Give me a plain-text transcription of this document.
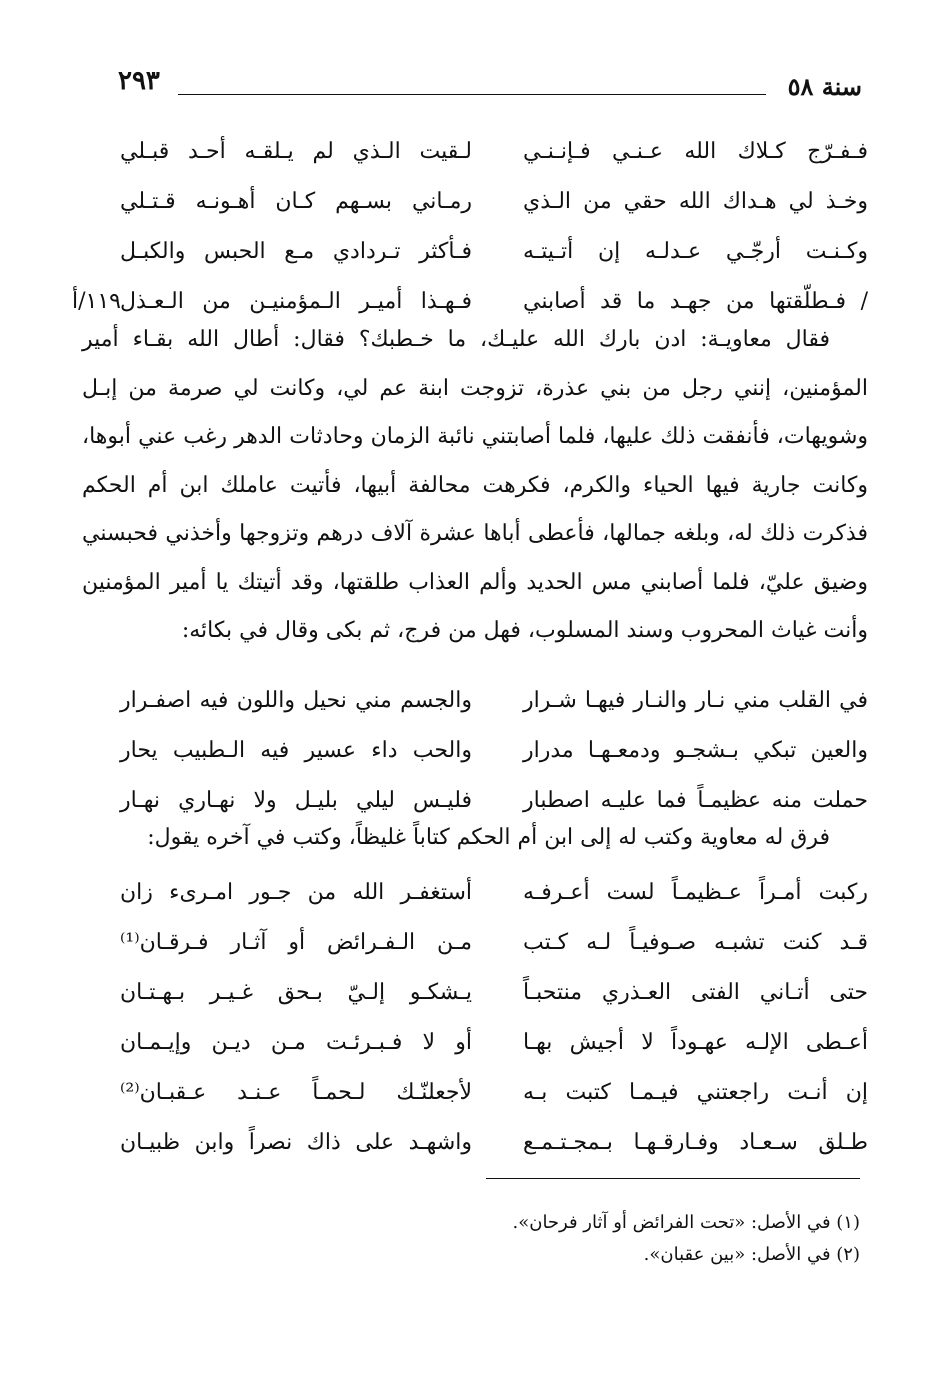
سنة ٥٨
٢٩٣
فـفـرّج كـلاك الله عـنـي فـإنـنـي
لـقيت الـذي لم يـلقـه أحـد قبـلي
وخـذ لي هـداك الله حقي من الـذي
رمـاني بسـهم كـان أهـونـه قـتـلي
وكـنـت أرجّـي عـدلـه إن أتـيتـه
فـأكثر تـردادي مـع الحبس والكبـل
/ فـطلّقتها من جهـد ما قد أصابني
فـهـذا أميـر الـمؤمنيـن من الـعـذل
١١٩/أ

فقال معاويـة: ادن بارك الله عليـك، ما خـطبك؟ فقال: أطال الله بقـاء أمير المؤمنين، إنني رجل من بني عذرة، تزوجت ابنة عم لي، وكانت لي صرمة من إبـل وشويهات، فأنفقت ذلك عليها، فلما أصابتني نائبة الزمان وحادثات الدهر رغب عني أبوها، وكانت جارية فيها الحياء والكرم، فكرهت محالفة أبيها، فأتيت عاملك ابن أم الحكم فذكرت ذلك له، وبلغه جمالها، فأعطى أباها عشرة آلاف درهم وتزوجها وأخذني فحبسني وضيق عليّ، فلما أصابني مس الحديد وألم العذاب طلقتها، وقد أتيتك يا أمير المؤمنين وأنت غياث المحروب وسند المسلوب، فهل من فرج، ثم بكى وقال في بكائه:

في القلب مني نـار والنـار فيهـا شـرار
والجسم مني نحيل واللون فيه اصفـرار
والعين تبكي بـشجـو ودمعـهـا مدرار
والحب داء عسير فيه الـطبيب يحار
حملت منه عظيمـاً فما عليـه اصطبار
فليـس ليلي بليـل ولا نهـاري نهـار
فرق له معاوية وكتب له إلى ابن أم الحكم كتاباً غليظاً، وكتب في آخره يقول:
ركبت أمـراً عـظيمـاً لست أعـرفـه
أستغفـر الله من جـور امـرىء زان
قـد كنت تشبـه صـوفيـاً لـه كـتب
مـن الـفـرائض أو آثـار فـرقـان⁽¹⁾
حتى أتـاني الفتى العـذري منتحبـاً
يـشكـو إلـيّ بـحق غـيـر بـهـتـان
أعـطى الإلـه عهـوداً لا أجيش بهـا
أو لا فـبـرئـت مـن ديـن وإيـمـان
إن أنـت راجعتني فيـمـا كتبت بـه
لأجعلنّـك لـحمـاً عـنـد عـقبـان⁽²⁾
طـلق سـعـاد وفـارقـهـا بـمجـتـمـع
واشهـد على ذاك نصراً وابن ظبيـان
(١) في الأصل: «تحت الفرائض أو آثار فرحان».
(٢) في الأصل: «بين عقبان».
